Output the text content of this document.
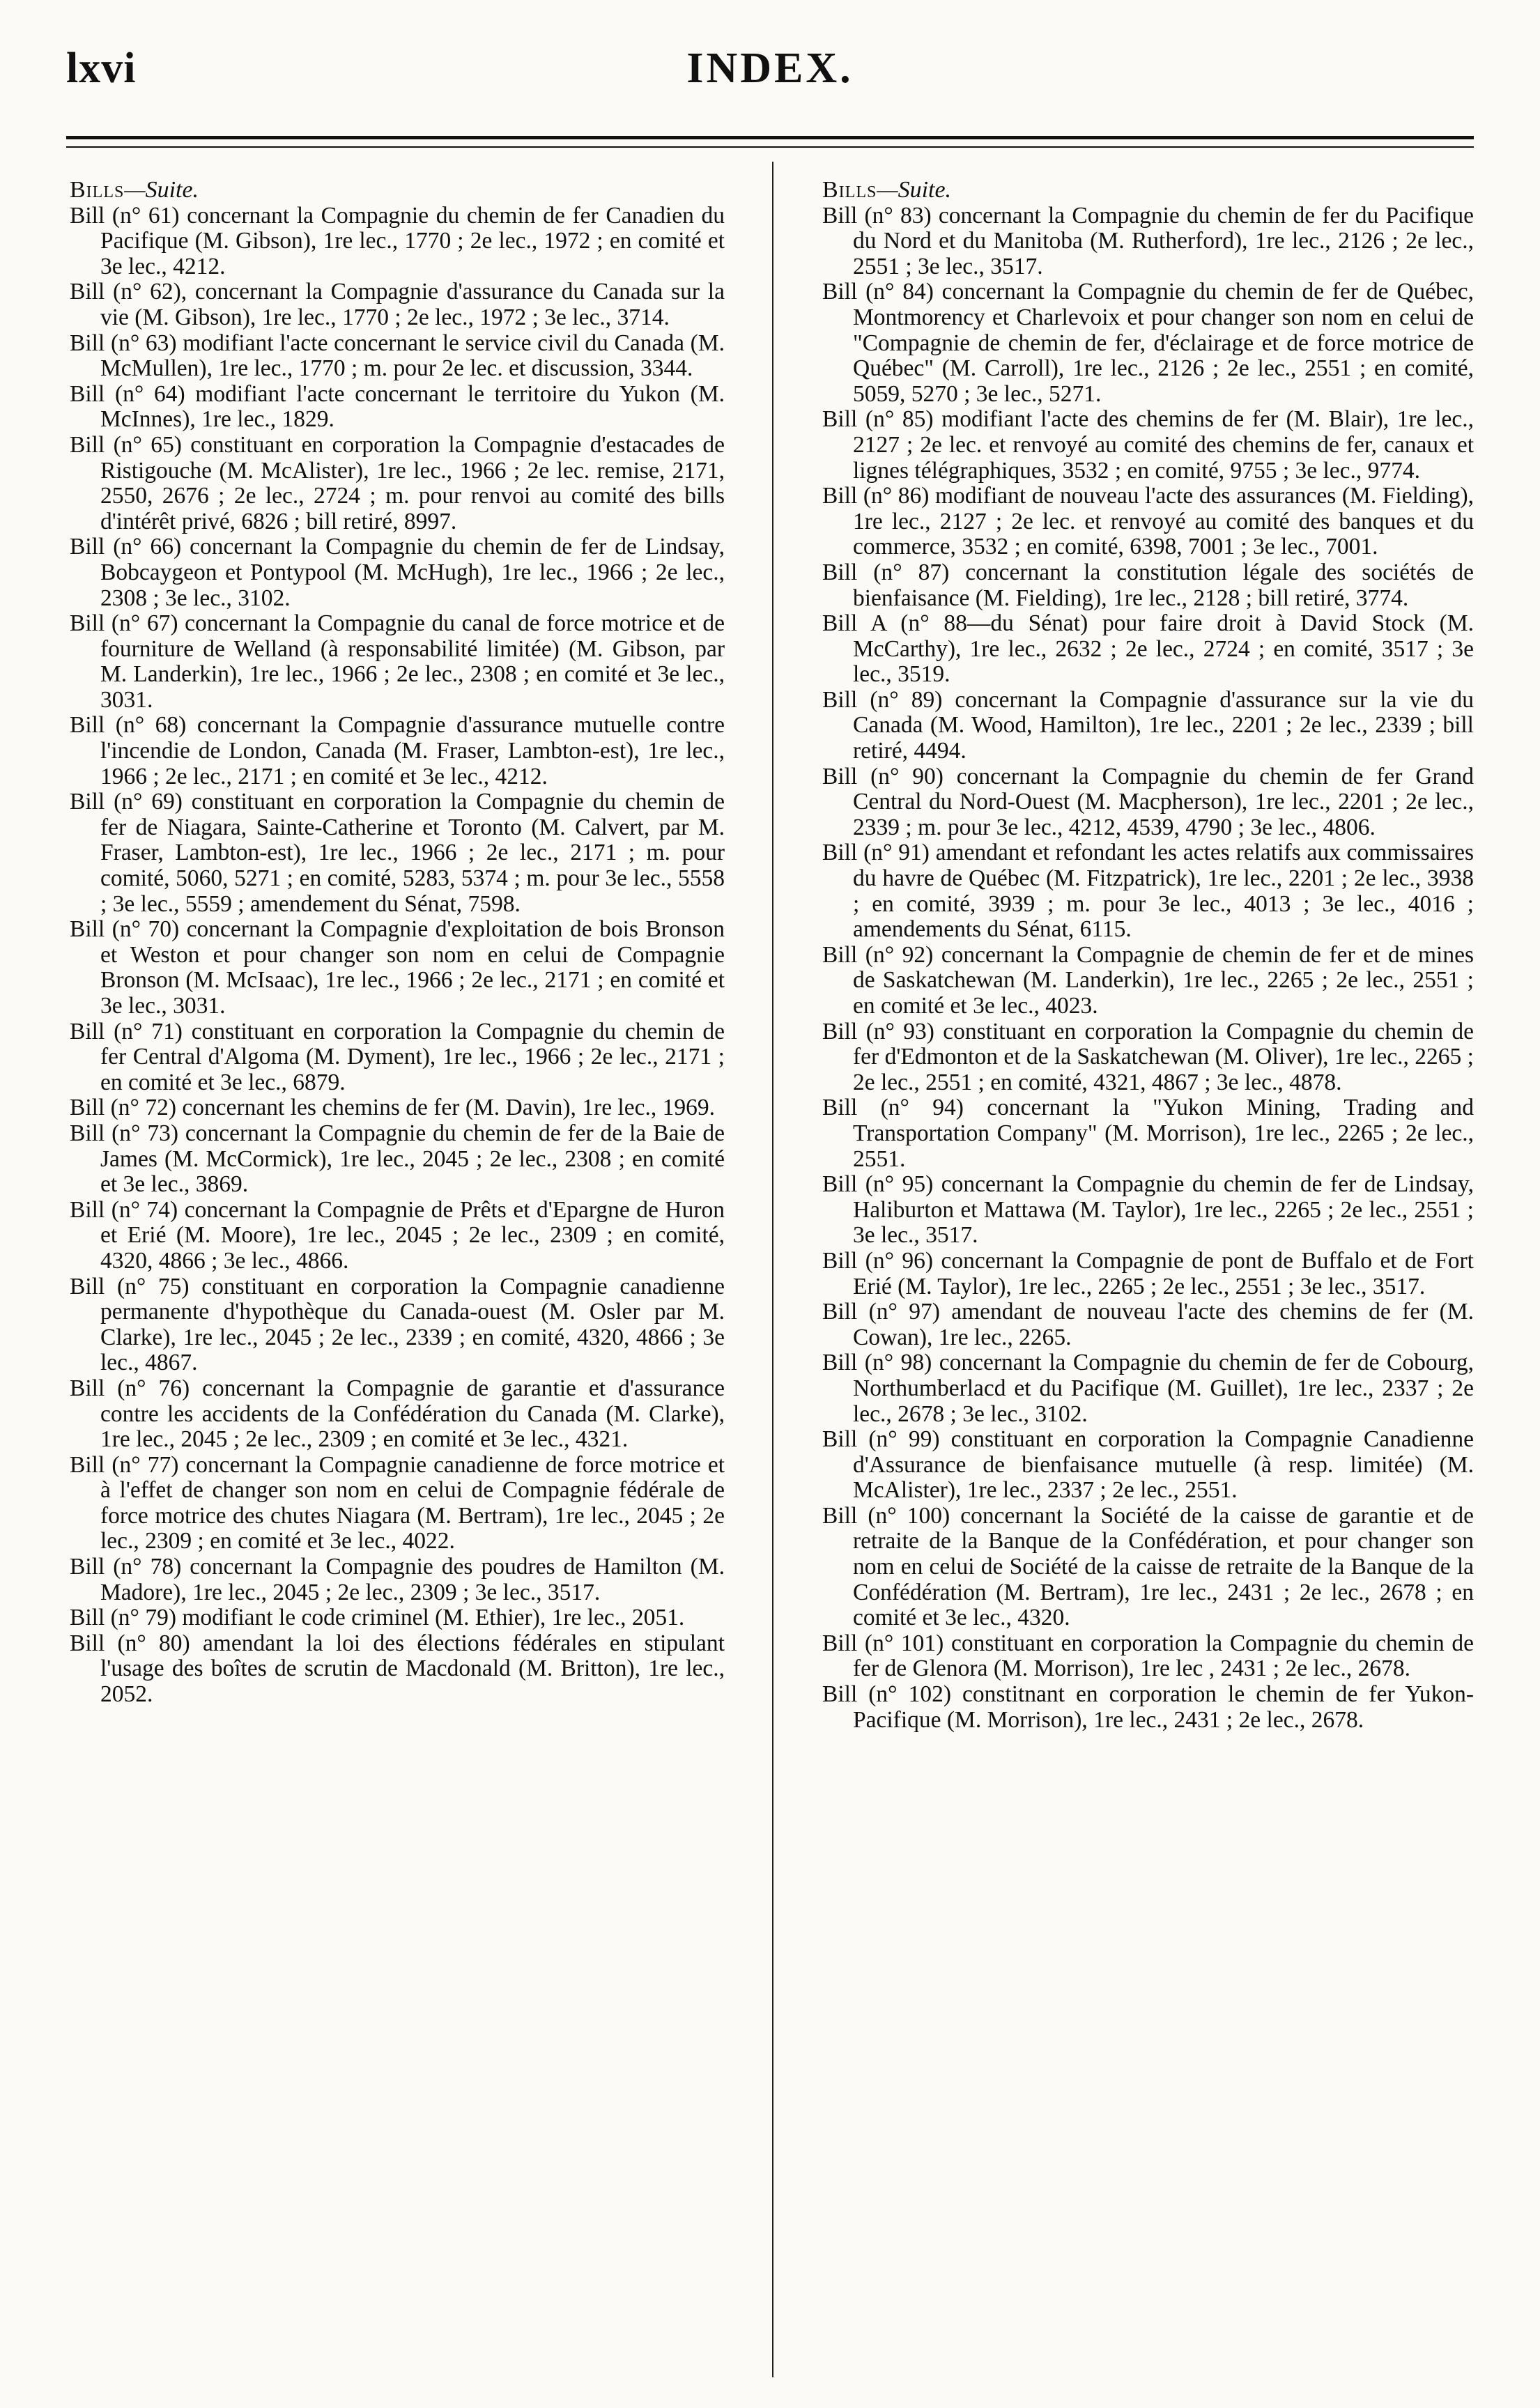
lxvi	INDEX.
Bills—Suite.

Bill (n° 61) concernant la Compagnie du chemin de fer Canadien du Pacifique (M. Gibson), 1re lec., 1770 ; 2e lec., 1972 ; en comité et 3e lec., 4212.

Bill (n° 62), concernant la Compagnie d'assurance du Canada sur la vie (M. Gibson), 1re lec., 1770 ; 2e lec., 1972 ; 3e lec., 3714.

Bill (n° 63) modifiant l'acte concernant le service civil du Canada (M. McMullen), 1re lec., 1770 ; m. pour 2e lec. et discussion, 3344.

Bill (n° 64) modifiant l'acte concernant le territoire du Yukon (M. McInnes), 1re lec., 1829.

Bill (n° 65) constituant en corporation la Compagnie d'estacades de Ristigouche (M. McAlister), 1re lec., 1966 ; 2e lec. remise, 2171, 2550, 2676 ; 2e lec., 2724 ; m. pour renvoi au comité des bills d'intérêt privé, 6826 ; bill retiré, 8997.

Bill (n° 66) concernant la Compagnie du chemin de fer de Lindsay, Bobcaygeon et Pontypool (M. McHugh), 1re lec., 1966 ; 2e lec., 2308 ; 3e lec., 3102.

Bill (n° 67) concernant la Compagnie du canal de force motrice et de fourniture de Welland (à responsabilité limitée) (M. Gibson, par M. Landerkin), 1re lec., 1966 ; 2e lec., 2308 ; en comité et 3e lec., 3031.

Bill (n° 68) concernant la Compagnie d'assurance mutuelle contre l'incendie de London, Canada (M. Fraser, Lambton-est), 1re lec., 1966 ; 2e lec., 2171 ; en comité et 3e lec., 4212.

Bill (n° 69) constituant en corporation la Compagnie du chemin de fer de Niagara, Sainte-Catherine et Toronto (M. Calvert, par M. Fraser, Lambton-est), 1re lec., 1966 ; 2e lec., 2171 ; m. pour comité, 5060, 5271 ; en comité, 5283, 5374 ; m. pour 3e lec., 5558 ; 3e lec., 5559 ; amendement du Sénat, 7598.

Bill (n° 70) concernant la Compagnie d'exploitation de bois Bronson et Weston et pour changer son nom en celui de Compagnie Bronson (M. McIsaac), 1re lec., 1966 ; 2e lec., 2171 ; en comité et 3e lec., 3031.

Bill (n° 71) constituant en corporation la Compagnie du chemin de fer Central d'Algoma (M. Dyment), 1re lec., 1966 ; 2e lec., 2171 ; en comité et 3e lec., 6879.

Bill (n° 72) concernant les chemins de fer (M. Davin), 1re lec., 1969.

Bill (n° 73) concernant la Compagnie du chemin de fer de la Baie de James (M. McCormick), 1re lec., 2045 ; 2e lec., 2308 ; en comité et 3e lec., 3869.

Bill (n° 74) concernant la Compagnie de Prêts et d'Epargne de Huron et Erié (M. Moore), 1re lec., 2045 ; 2e lec., 2309 ; en comité, 4320, 4866 ; 3e lec., 4866.

Bill (n° 75) constituant en corporation la Compagnie canadienne permanente d'hypothèque du Canada-ouest (M. Osler par M. Clarke), 1re lec., 2045 ; 2e lec., 2339 ; en comité, 4320, 4866 ; 3e lec., 4867.

Bill (n° 76) concernant la Compagnie de garantie et d'assurance contre les accidents de la Confédération du Canada (M. Clarke), 1re lec., 2045 ; 2e lec., 2309 ; en comité et 3e lec., 4321.

Bill (n° 77) concernant la Compagnie canadienne de force motrice et à l'effet de changer son nom en celui de Compagnie fédérale de force motrice des chutes Niagara (M. Bertram), 1re lec., 2045 ; 2e lec., 2309 ; en comité et 3e lec., 4022.

Bill (n° 78) concernant la Compagnie des poudres de Hamilton (M. Madore), 1re lec., 2045 ; 2e lec., 2309 ; 3e lec., 3517.

Bill (n° 79) modifiant le code criminel (M. Ethier), 1re lec., 2051.

Bill (n° 80) amendant la loi des élections fédérales en stipulant l'usage des boîtes de scrutin de Macdonald (M. Britton), 1re lec., 2052.

Bills—Suite.

Bill (n° 83) concernant la Compagnie du chemin de fer du Pacifique du Nord et du Manitoba (M. Rutherford), 1re lec., 2126 ; 2e lec., 2551 ; 3e lec., 3517.

Bill (n° 84) concernant la Compagnie du chemin de fer de Québec, Montmorency et Charlevoix et pour changer son nom en celui de "Compagnie de chemin de fer, d'éclairage et de force motrice de Québec" (M. Carroll), 1re lec., 2126 ; 2e lec., 2551 ; en comité, 5059, 5270 ; 3e lec., 5271.

Bill (n° 85) modifiant l'acte des chemins de fer (M. Blair), 1re lec., 2127 ; 2e lec. et renvoyé au comité des chemins de fer, canaux et lignes télégraphiques, 3532 ; en comité, 9755 ; 3e lec., 9774.

Bill (n° 86) modifiant de nouveau l'acte des assurances (M. Fielding), 1re lec., 2127 ; 2e lec. et renvoyé au comité des banques et du commerce, 3532 ; en comité, 6398, 7001 ; 3e lec., 7001.

Bill (n° 87) concernant la constitution légale des sociétés de bienfaisance (M. Fielding), 1re lec., 2128 ; bill retiré, 3774.

Bill A (n° 88—du Sénat) pour faire droit à David Stock (M. McCarthy), 1re lec., 2632 ; 2e lec., 2724 ; en comité, 3517 ; 3e lec., 3519.

Bill (n° 89) concernant la Compagnie d'assurance sur la vie du Canada (M. Wood, Hamilton), 1re lec., 2201 ; 2e lec., 2339 ; bill retiré, 4494.

Bill (n° 90) concernant la Compagnie du chemin de fer Grand Central du Nord-Ouest (M. Macpherson), 1re lec., 2201 ; 2e lec., 2339 ; m. pour 3e lec., 4212, 4539, 4790 ; 3e lec., 4806.

Bill (n° 91) amendant et refondant les actes relatifs aux commissaires du havre de Québec (M. Fitzpatrick), 1re lec., 2201 ; 2e lec., 3938 ; en comité, 3939 ; m. pour 3e lec., 4013 ; 3e lec., 4016 ; amendements du Sénat, 6115.

Bill (n° 92) concernant la Compagnie de chemin de fer et de mines de Saskatchewan (M. Landerkin), 1re lec., 2265 ; 2e lec., 2551 ; en comité et 3e lec., 4023.

Bill (n° 93) constituant en corporation la Compagnie du chemin de fer d'Edmonton et de la Saskatchewan (M. Oliver), 1re lec., 2265 ; 2e lec., 2551 ; en comité, 4321, 4867 ; 3e lec., 4878.

Bill (n° 94) concernant la "Yukon Mining, Trading and Transportation Company" (M. Morrison), 1re lec., 2265 ; 2e lec., 2551.

Bill (n° 95) concernant la Compagnie du chemin de fer de Lindsay, Haliburton et Mattawa (M. Taylor), 1re lec., 2265 ; 2e lec., 2551 ; 3e lec., 3517.

Bill (n° 96) concernant la Compagnie de pont de Buffalo et de Fort Erié (M. Taylor), 1re lec., 2265 ; 2e lec., 2551 ; 3e lec., 3517.

Bill (n° 97) amendant de nouveau l'acte des chemins de fer (M. Cowan), 1re lec., 2265.

Bill (n° 98) concernant la Compagnie du chemin de fer de Cobourg, Northumberlacd et du Pacifique (M. Guillet), 1re lec., 2337 ; 2e lec., 2678 ; 3e lec., 3102.

Bill (n° 99) constituant en corporation la Compagnie Canadienne d'Assurance de bienfaisance mutuelle (à resp. limitée) (M. McAlister), 1re lec., 2337 ; 2e lec., 2551.

Bill (n° 100) concernant la Société de la caisse de garantie et de retraite de la Banque de la Confédération, et pour changer son nom en celui de Société de la caisse de retraite de la Banque de la Confédération (M. Bertram), 1re lec., 2431 ; 2e lec., 2678 ; en comité et 3e lec., 4320.

Bill (n° 101) constituant en corporation la Compagnie du chemin de fer de Glenora (M. Morrison), 1re lec , 2431 ; 2e lec., 2678.

Bill (n° 102) constitnant en corporation le chemin de fer Yukon-Pacifique (M. Morrison), 1re lec., 2431 ; 2e lec., 2678.
